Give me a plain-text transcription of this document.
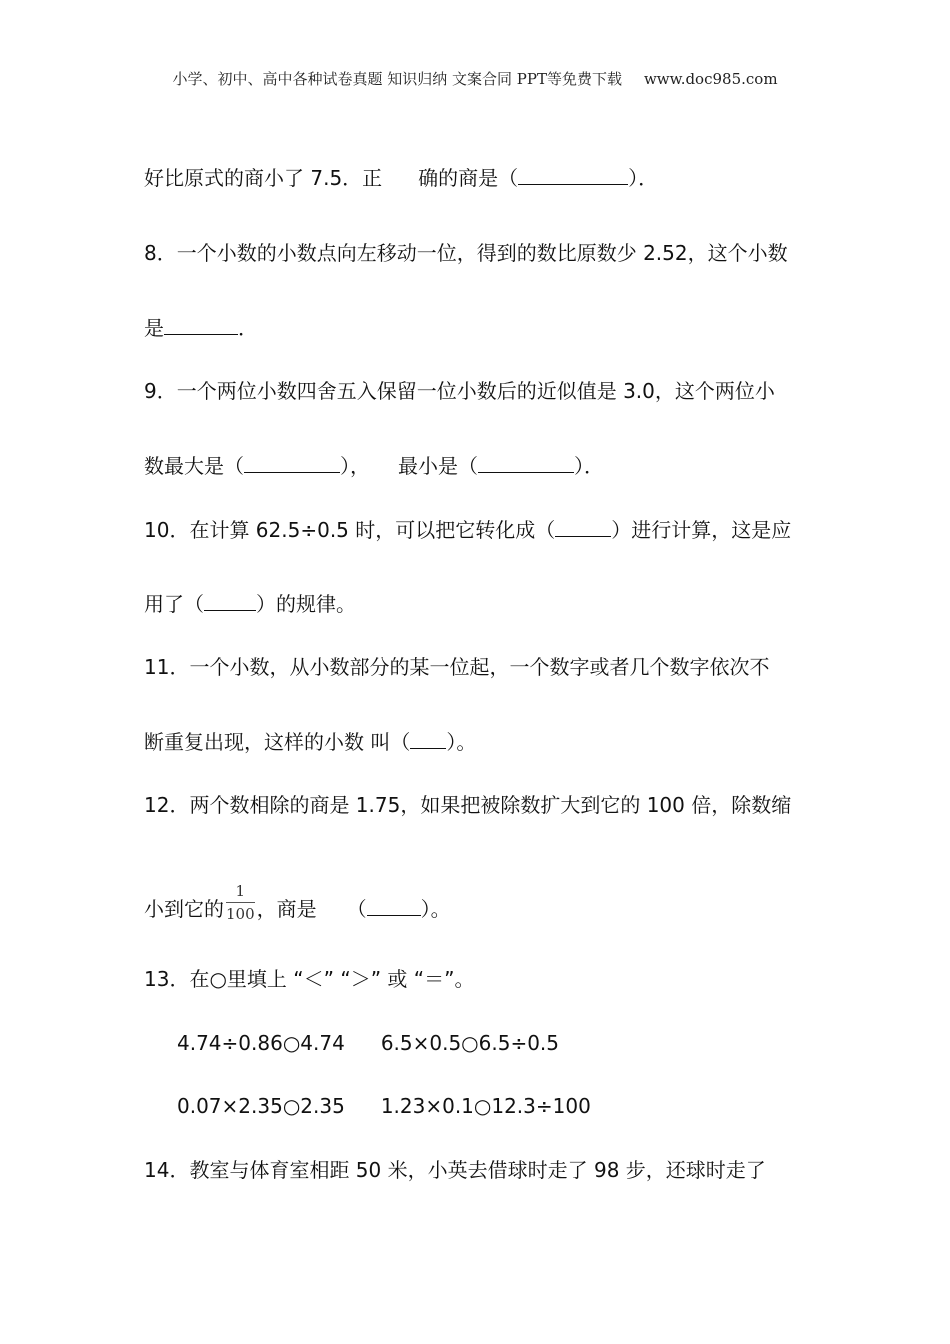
小学、初中、高中各种试卷真题 知识归纳 文案合同 PPT等免费下载 www.doc985.com
好比原式的商小了 7.5．正 确的商是（	）．
8．一个小数的小数点向左移动一位，得到的数比原数少 2.52，这个小数
是	．
9．一个两位小数四舍五入保留一位小数后的近似值是 3.0，这个两位小
数最大是（	）， 最小是（	）．
10．在计算 62.5÷0.5 时，可以把它转化成（	）进行计算，这是应
用了（	）的规律。
11．一个小数，从小数部分的某一位起，一个数字或者几个数字依次不
断重复出现，这样的小数 叫（ ）。
12．两个数相除的商是 1.75，如果把被除数扩大到它的 100 倍，除数缩
小到它的 $\frac{1}{100}$ ，商是 （	）。
13．在○里填上 “＜” “＞” 或 “＝”。
4.74÷0.86○4.74 6.5×0.5○6.5÷0.5
0.07×2.35○2.35 1.23×0.1○12.3÷100
14．教室与体育室相距 50 米，小英去借球时走了 98 步，还球时走了
